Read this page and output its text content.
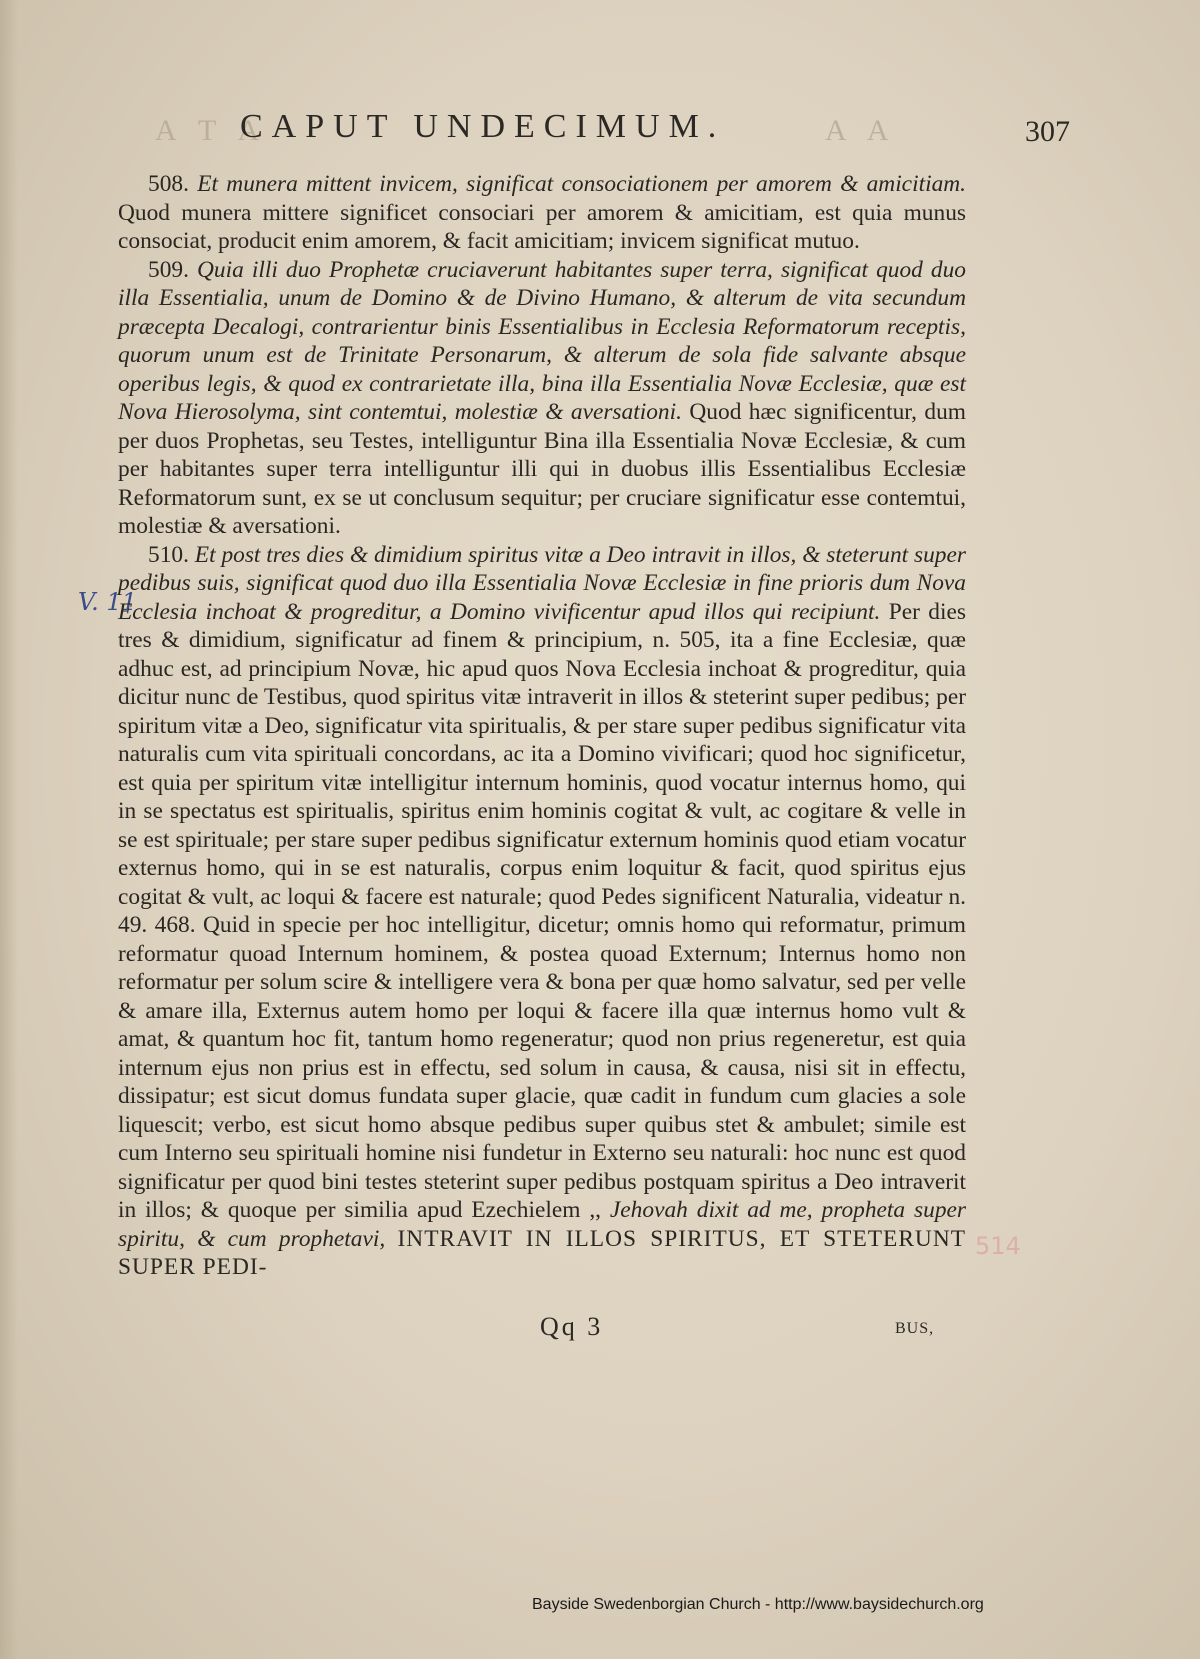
A T A
CAPUT UNDECIMUM.	A A	307
V. 11
514

508. Et munera mittent invicem, significat consociationem per amorem & amicitiam. Quod munera mittere significet consociari per amorem & amicitiam, est quia munus consociat, producit enim amorem, & facit amicitiam; invicem significat mutuo.

509. Quia illi duo Prophetæ cruciaverunt habitantes super terra, significat quod duo illa Essentialia, unum de Domino & de Divino Humano, & alterum de vita secundum præcepta Decalogi, contrarientur binis Essentialibus in Ecclesia Reformatorum receptis, quorum unum est de Trinitate Personarum, & alterum de sola fide salvante absque operibus legis, & quod ex contrarietate illa, bina illa Essentialia Novæ Ecclesiæ, quæ est Nova Hierosolyma, sint contemtui, molestiæ & aversationi. Quod hæc significentur, dum per duos Prophetas, seu Testes, intelliguntur Bina illa Essentialia Novæ Ecclesiæ, & cum per habitantes super terra intelliguntur illi qui in duobus illis Essentialibus Ecclesiæ Reformatorum sunt, ex se ut conclusum sequitur; per cruciare significatur esse contemtui, molestiæ & aversationi.

510. Et post tres dies & dimidium spiritus vitæ a Deo intravit in illos, & steterunt super pedibus suis, significat quod duo illa Essentialia Novæ Ecclesiæ in fine prioris dum Nova Ecclesia inchoat & progreditur, a Domino vivificentur apud illos qui recipiunt. Per dies tres & dimidium, significatur ad finem & principium, n. 505, ita a fine Ecclesiæ, quæ adhuc est, ad principium Novæ, hic apud quos Nova Ecclesia inchoat & progreditur, quia dicitur nunc de Testibus, quod spiritus vitæ intraverit in illos & steterint super pedibus; per spiritum vitæ a Deo, significatur vita spiritualis, & per stare super pedibus significatur vita naturalis cum vita spirituali concordans, ac ita a Domino vivificari; quod hoc significetur, est quia per spiritum vitæ intelligitur internum hominis, quod vocatur internus homo, qui in se spectatus est spiritualis, spiritus enim hominis cogitat & vult, ac cogitare & velle in se est spirituale; per stare super pedibus significatur externum hominis quod etiam vocatur externus homo, qui in se est naturalis, corpus enim loquitur & facit, quod spiritus ejus cogitat & vult, ac loqui & facere est naturale; quod Pedes significent Naturalia, videatur n. 49. 468. Quid in specie per hoc intelligitur, dicetur; omnis homo qui reformatur, primum reformatur quoad Internum hominem, & postea quoad Externum; Internus homo non reformatur per solum scire & intelligere vera & bona per quæ homo salvatur, sed per velle & amare illa, Externus autem homo per loqui & facere illa quæ internus homo vult & amat, & quantum hoc fit, tantum homo regeneratur; quod non prius regeneretur, est quia internum ejus non prius est in effectu, sed solum in causa, & causa, nisi sit in effectu, dissipatur; est sicut domus fundata super glacie, quæ cadit in fundum cum glacies a sole liquescit; verbo, est sicut homo absque pedibus super quibus stet & ambulet; simile est cum Interno seu spirituali homine nisi fundetur in Externo seu naturali: hoc nunc est quod significatur per quod bini testes steterint super pedibus postquam spiritus a Deo intraverit in illos; & quoque per similia apud Ezechielem ,, Jehovah dixit ad me, propheta super spiritu, & cum prophetavi, INTRAVIT IN ILLOS SPIRITUS, ET STETERUNT SUPER PEDI-

Qq 3	BUS,
Bayside Swedenborgian Church - http://www.baysidechurch.org
